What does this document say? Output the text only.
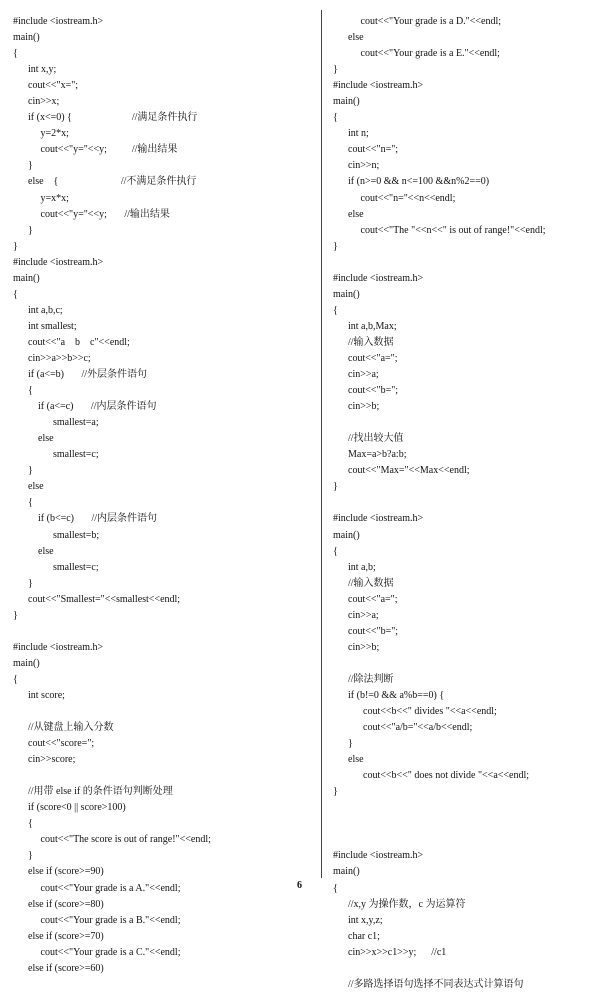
#include <iostream.h>
main()
{
int x,y;
cout<<"x=";
cin>>x;
if (x<=0) {                        //满足条件执行
y=2*x;
cout<<"y="<<y;          //输出结果
}
else    {                         //不满足条件执行
y=x*x;
cout<<"y="<<y;       //输出结果
}
}
#include <iostream.h>
main()
{
int a,b,c;
int smallest;
cout<<"a    b    c"<<endl;
cin>>a>>b>>c;
if (a<=b)       //外层条件语句
{
if (a<=c)       //内层条件语句
smallest=a;
else
smallest=c;
}
else
{
if (b<=c)       //内层条件语句
smallest=b;
else
smallest=c;
}
cout<<"Smallest="<<smallest<<endl;
}
#include <iostream.h>
main()
{
int score;
//从键盘上输入分数
cout<<"score=";
cin>>score;
//用带 else if 的条件语句判断处理
if (score<0 || score>100)
{
cout<<"The score is out of range!"<<endl;
}
else if (score>=90)
cout<<"Your grade is a A."<<endl;
else if (score>=80)
cout<<"Your grade is a B."<<endl;
else if (score>=70)
cout<<"Your grade is a C."<<endl;
else if (score>=60)
cout<<"Your grade is a D."<<endl;
else
cout<<"Your grade is a E."<<endl;
}
#include <iostream.h>
main()
{
int n;
cout<<"n=";
cin>>n;
if (n>=0 && n<=100 &&n%2==0)
cout<<"n="<<n<<endl;
else
cout<<"The "<<n<<" is out of range!"<<endl;
}
#include <iostream.h>
main()
{
int a,b,Max;
//输入数据
cout<<"a=";
cin>>a;
cout<<"b=";
cin>>b;
//找出较大值
Max=a>b?a:b;
cout<<"Max="<<Max<<endl;
}
#include <iostream.h>
main()
{
int a,b;
//输入数据
cout<<"a=";
cin>>a;
cout<<"b=";
cin>>b;
//除法判断
if (b!=0 && a%b==0) {
cout<<b<<" divides "<<a<<endl;
cout<<"a/b="<<a/b<<endl;
}
else
cout<<b<<" does not divide "<<a<<endl;
}
#include <iostream.h>
main()
{
//x,y 为操作数，c 为运算符
int x,y,z;
char c1;
cin>>x>>c1>>y;      //c1
//多路选择语句选择不同表达式计算语句
6
